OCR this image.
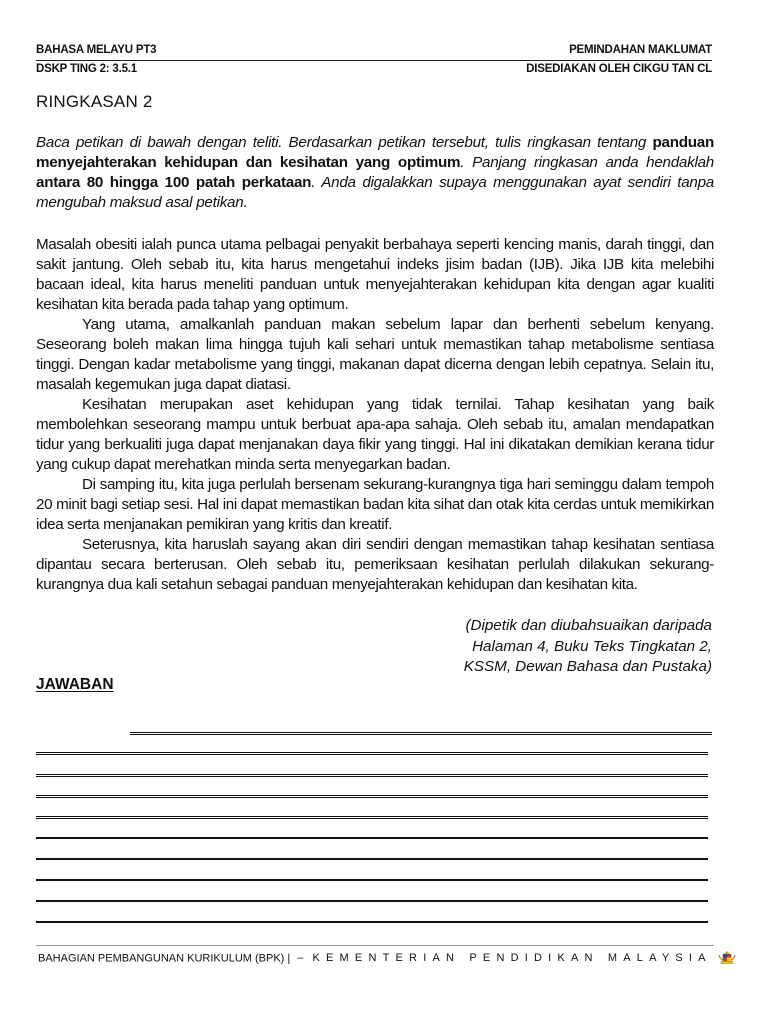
BAHASA MELAYU PT3	PEMINDAHAN MAKLUMAT
DSKP TING 2: 3.5.1	DISEDIAKAN OLEH CIKGU TAN CL
RINGKASAN 2
Baca petikan di bawah dengan teliti. Berdasarkan petikan tersebut, tulis ringkasan tentang panduan menyejahterakan kehidupan dan kesihatan yang optimum. Panjang ringkasan anda hendaklah antara 80 hingga 100 patah perkataan. Anda digalakkan supaya menggunakan ayat sendiri tanpa mengubah maksud asal petikan.

Masalah obesiti ialah punca utama pelbagai penyakit berbahaya seperti kencing manis, darah tinggi, dan sakit jantung. Oleh sebab itu, kita harus mengetahui indeks jisim badan (IJB). Jika IJB kita melebihi bacaan ideal, kita harus meneliti panduan untuk menyejahterakan kehidupan kita dengan agar kualiti kesihatan kita berada pada tahap yang optimum.

Yang utama, amalkanlah panduan makan sebelum lapar dan berhenti sebelum kenyang. Seseorang boleh makan lima hingga tujuh kali sehari untuk memastikan tahap metabolisme sentiasa tinggi. Dengan kadar metabolisme yang tinggi, makanan dapat dicerna dengan lebih cepatnya. Selain itu, masalah kegemukan juga dapat diatasi.

Kesihatan merupakan aset kehidupan yang tidak ternilai. Tahap kesihatan yang baik membolehkan seseorang mampu untuk berbuat apa-apa sahaja. Oleh sebab itu, amalan mendapatkan tidur yang berkualiti juga dapat menjanakan daya fikir yang tinggi. Hal ini dikatakan demikian kerana tidur yang cukup dapat merehatkan minda serta menyegarkan badan.

Di samping itu, kita juga perlulah bersenam sekurang-kurangnya tiga hari seminggu dalam tempoh 20 minit bagi setiap sesi. Hal ini dapat memastikan badan kita sihat dan otak kita cerdas untuk memikirkan idea serta menjanakan pemikiran yang kritis dan kreatif.

Seterusnya, kita haruslah sayang akan diri sendiri dengan memastikan tahap kesihatan sentiasa dipantau secara berterusan. Oleh sebab itu, pemeriksaan kesihatan perlulah dilakukan sekurang-kurangnya dua kali setahun sebagai panduan menyejahterakan kehidupan dan kesihatan kita.

(Dipetik dan diubahsuaikan daripada
Halaman 4, Buku Teks Tingkatan 2,
KSSM, Dewan Bahasa dan Pustaka)
JAWABAN
BAHAGIAN PEMBANGUNAN KURIKULUM (BPK) | – KEMENTERIAN PENDIDIKAN MALAYSIA
